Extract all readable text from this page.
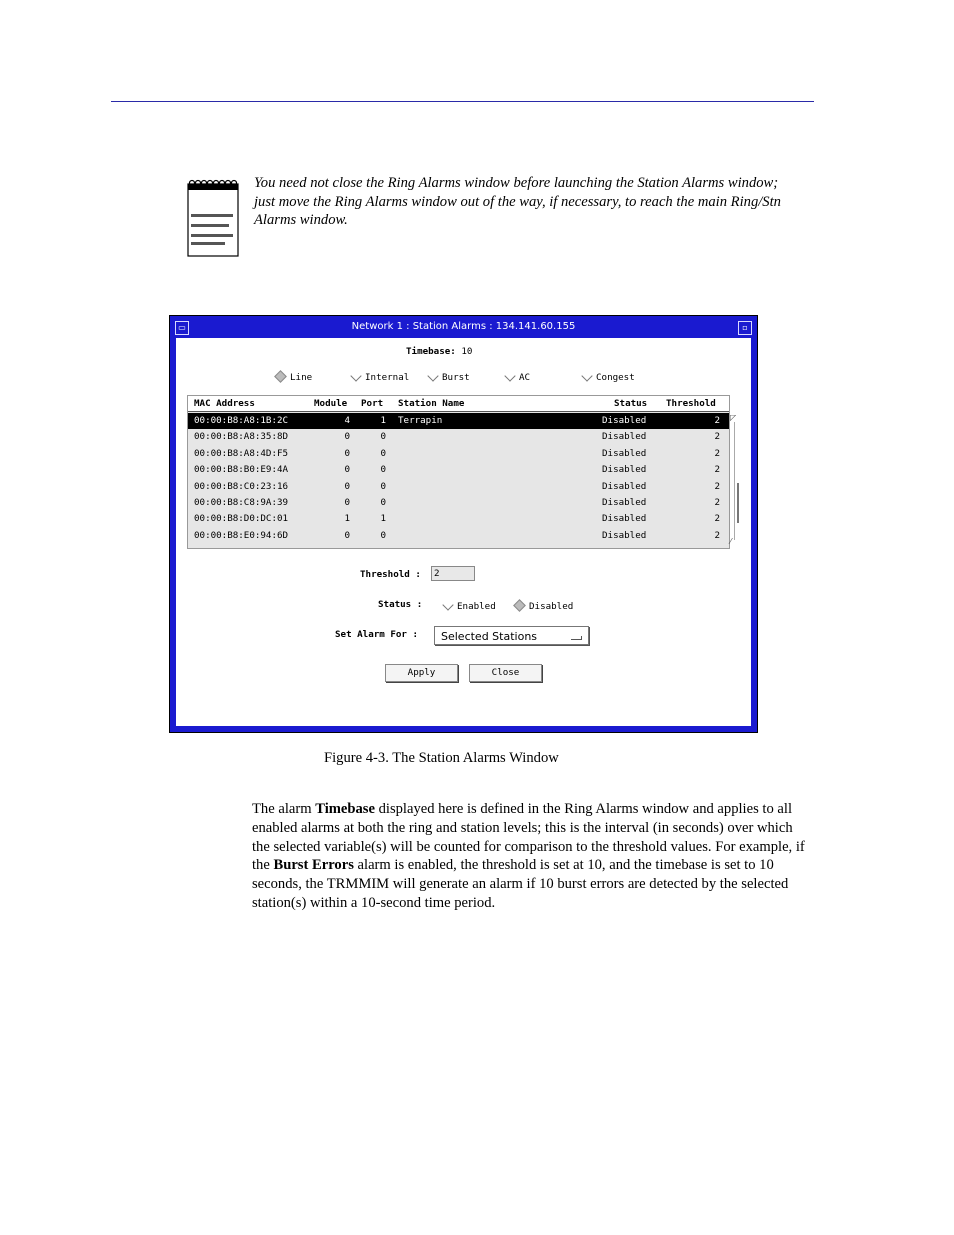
You need not close the Ring Alarms window before launching the Station Alarms window; just move the Ring Alarms window out of the way, if necessary, to reach the main Ring/Stn Alarms window.
▭	Network 1 : Station Alarms : 134.141.60.155	▫
Timebase: 10
Line	Internal	Burst	AC	Congest
MAC Address	Module Port Station Name	Status Threshold
00:00:B8:A8:1B:2C	4	1 Terrapin	Disabled	2
00:00:B8:A8:35:8D	0	0	Disabled	2
00:00:B8:A8:4D:F5	0	0	Disabled	2
00:00:B8:B0:E9:4A	0	0	Disabled	2
00:00:B8:C0:23:16	0	0	Disabled	2
00:00:B8:C8:9A:39	0	0	Disabled	2
00:00:B8:D0:DC:01	1	1	Disabled	2
00:00:B8:E0:94:6D	0	0	Disabled	2
◸
⁄
Threshold :	2
Status :	Enabled	Disabled
Set Alarm For :	Selected Stations
Apply	Close
Figure 4-3. The Station Alarms Window
The alarm Timebase displayed here is defined in the Ring Alarms window and applies to all enabled alarms at both the ring and station levels; this is the interval (in seconds) over which the selected variable(s) will be counted for comparison to the threshold values. For example, if the Burst Errors alarm is enabled, the threshold is set at 10, and the timebase is set to 10 seconds, the TRMMIM will generate an alarm if 10 burst errors are detected by the selected station(s) within a 10-second time period.
